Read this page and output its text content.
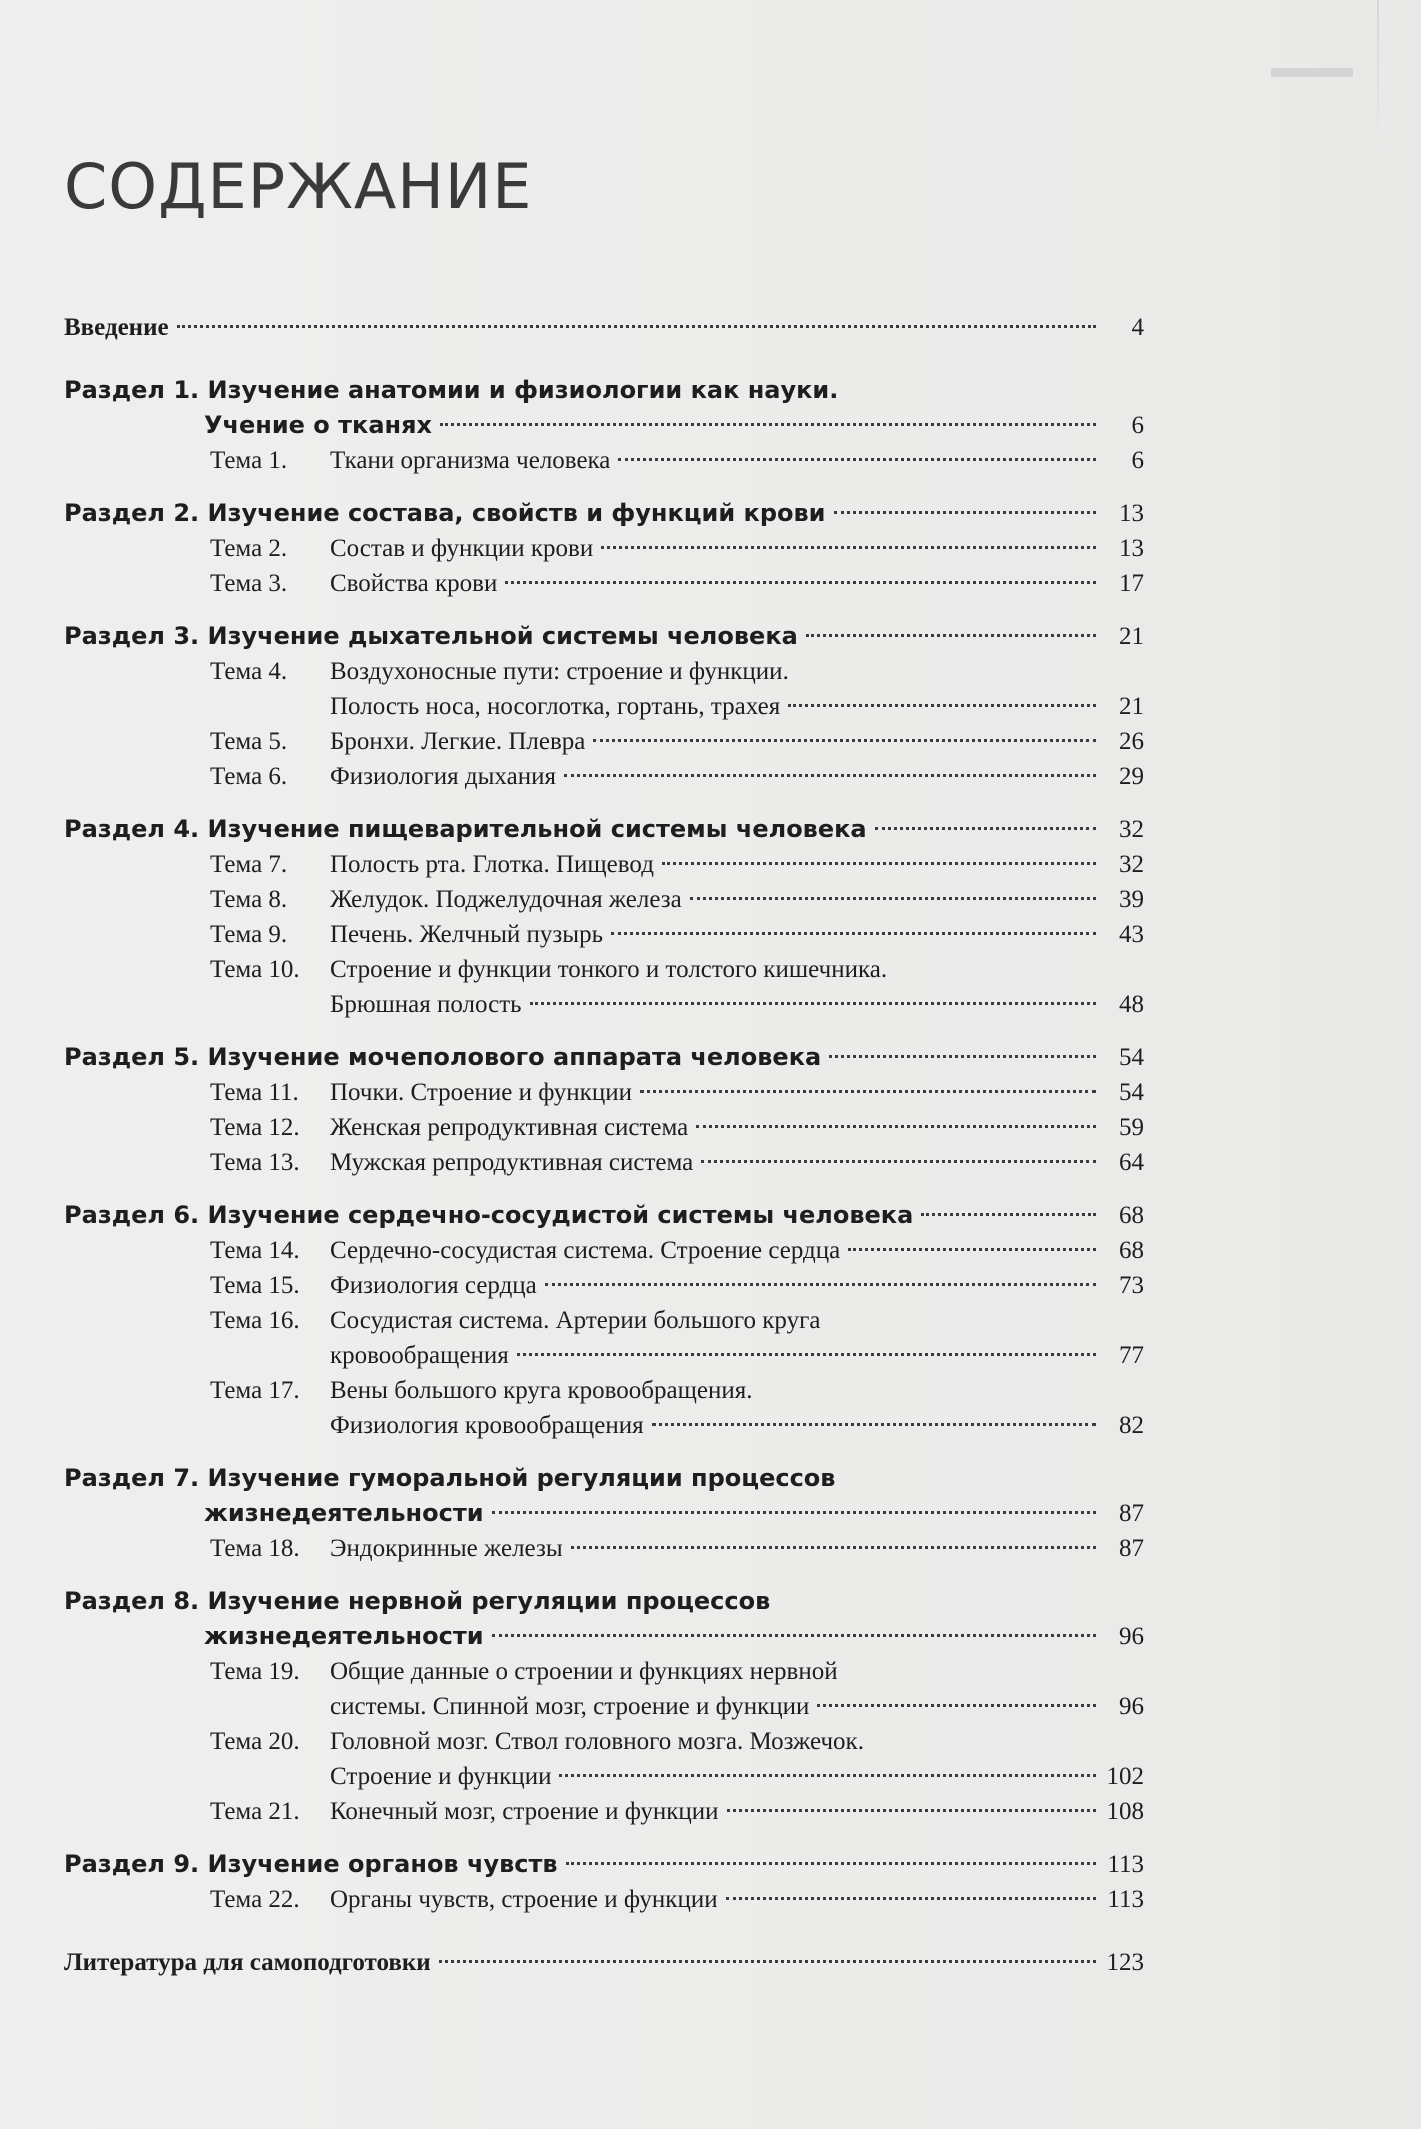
СОДЕРЖАНИЕ
Введение	4
Раздел 1. Изучение анатомии и физиологии как науки.
Учение о тканях	6
Тема 1.	Ткани организма человека	6
Раздел 2. Изучение состава, свойств и функций крови	13
Тема 2.	Состав и функции крови	13
Тема 3.	Свойства крови	17
Раздел 3. Изучение дыхательной системы человека	21
Тема 4.	Воздухоносные пути: строение и функции.
Полость носа, носоглотка, гортань, трахея	21
Тема 5.	Бронхи. Легкие. Плевра	26
Тема 6.	Физиология дыхания	29
Раздел 4. Изучение пищеварительной системы человека	32
Тема 7.	Полость рта. Глотка. Пищевод	32
Тема 8.	Желудок. Поджелудочная железа	39
Тема 9.	Печень. Желчный пузырь	43
Тема 10.	Строение и функции тонкого и толстого кишечника.
Брюшная полость	48
Раздел 5. Изучение мочеполового аппарата человека	54
Тема 11.	Почки. Строение и функции	54
Тема 12.	Женская репродуктивная система	59
Тема 13.	Мужская репродуктивная система	64
Раздел 6. Изучение сердечно-сосудистой системы человека	68
Тема 14.	Сердечно-сосудистая система. Строение сердца	68
Тема 15.	Физиология сердца	73
Тема 16.	Сосудистая система. Артерии большого круга
кровообращения	77
Тема 17.	Вены большого круга кровообращения.
Физиология кровообращения	82
Раздел 7. Изучение гуморальной регуляции процессов
жизнедеятельности	87
Тема 18.	Эндокринные железы	87
Раздел 8. Изучение нервной регуляции процессов
жизнедеятельности	96
Тема 19.	Общие данные о строении и функциях нервной
системы. Спинной мозг, строение и функции	96
Тема 20.	Головной мозг. Ствол головного мозга. Мозжечок.
Строение и функции	102
Тема 21.	Конечный мозг, строение и функции	108
Раздел 9. Изучение органов чувств	113
Тема 22.	Органы чувств, строение и функции	113
Литература для самоподготовки	123
